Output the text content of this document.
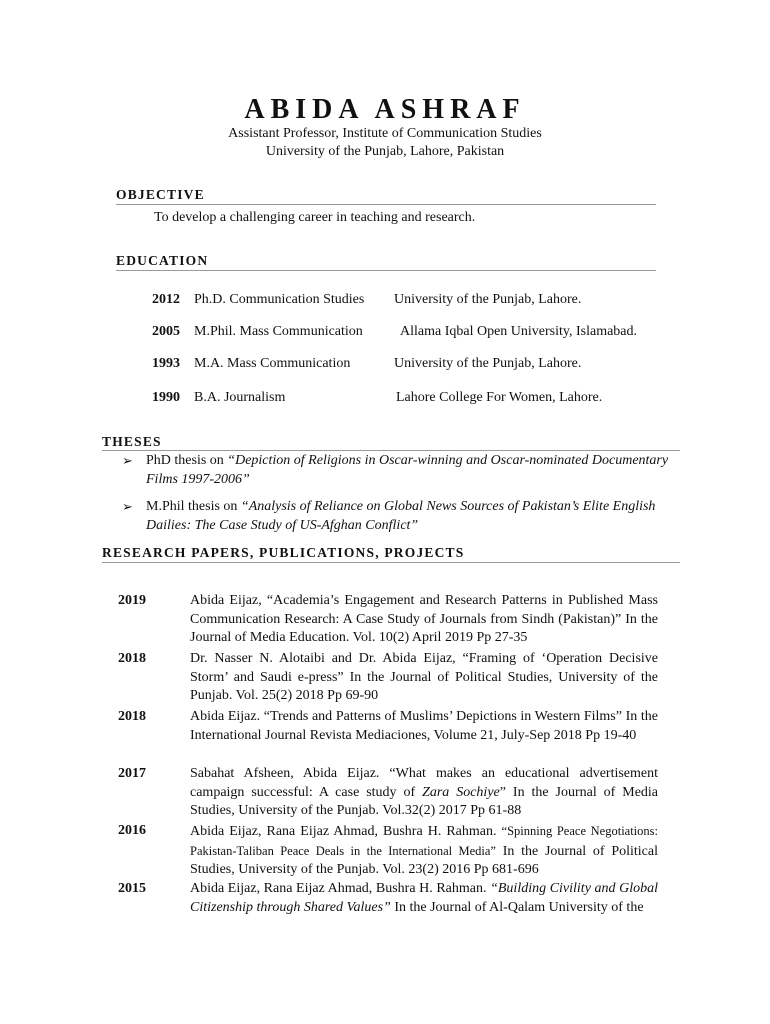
ABIDA ASHRAF
Assistant Professor, Institute of Communication Studies
University of the Punjab, Lahore, Pakistan
OBJECTIVE
To develop a challenging career in teaching and research.
EDUCATION
2012 Ph.D. Communication Studies University of the Punjab, Lahore.
2005 M.Phil. Mass Communication	Allama Iqbal Open University, Islamabad.
1993 M.A. Mass Communication	University of the Punjab, Lahore.
1990 B.A. Journalism	Lahore College For Women, Lahore.
THESES
➢ PhD thesis on “Depiction of Religions in Oscar-winning and Oscar-nominated Documentary Films 1997-2006”
➢ M.Phil thesis on “Analysis of Reliance on Global News Sources of Pakistan’s Elite English Dailies: The Case Study of US-Afghan Conflict”
RESEARCH PAPERS, PUBLICATIONS, PROJECTS
2019	Abida Eijaz, “Academia’s Engagement and Research Patterns in Published Mass Communication Research: A Case Study of Journals from Sindh (Pakistan)” In the Journal of Media Education. Vol. 10(2) April 2019 Pp 27-35
2018	Dr. Nasser N. Alotaibi and Dr. Abida Eijaz, “Framing of ‘Operation Decisive Storm’ and Saudi e-press” In the Journal of Political Studies, University of the Punjab. Vol. 25(2) 2018 Pp 69-90
2018	Abida Eijaz. “Trends and Patterns of Muslims’ Depictions in Western Films” In the International Journal Revista Mediaciones, Volume 21, July-Sep 2018 Pp 19-40
2017	Sabahat Afsheen, Abida Eijaz. “What makes an educational advertisement campaign successful: A case study of Zara Sochiye” In the Journal of Media Studies, University of the Punjab. Vol.32(2) 2017 Pp 61-88
2016	Abida Eijaz, Rana Eijaz Ahmad, Bushra H. Rahman. “Spinning Peace Negotiations: Pakistan-Taliban Peace Deals in the International Media” In the Journal of Political Studies, University of the Punjab. Vol. 23(2) 2016 Pp 681-696
2015	Abida Eijaz, Rana Eijaz Ahmad, Bushra H. Rahman. “Building Civility and Global Citizenship through Shared Values” In the Journal of Al-Qalam University of the
